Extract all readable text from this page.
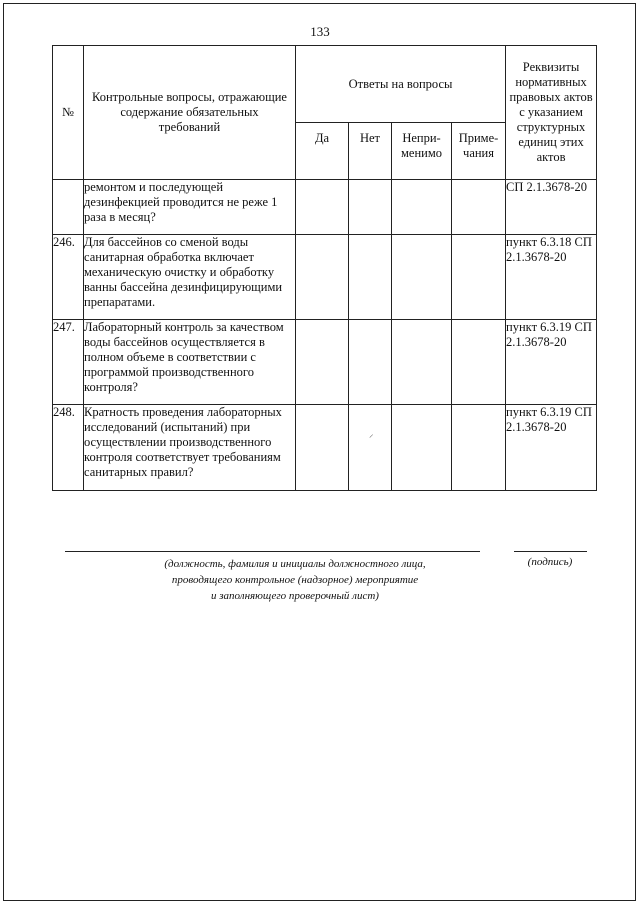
133
№	Контрольные вопросы, отражающие содержание обязательных требований	Ответы на вопросы				Реквизиты нормативных правовых актов с указанием структурных единиц этих актов
		Да	Нет	Непри-менимо	Приме-чания	
	ремонтом и последующей дезинфекцией проводится не реже 1 раза в месяц?					СП 2.1.3678-20
246.	Для бассейнов со сменой воды санитарная обработка включает механическую очистку и обработку ванны бассейна дезинфицирующими препаратами.					пункт 6.3.18 СП 2.1.3678-20
247.	Лабораторный контроль за качеством воды бассейнов осуществляется в полном объеме в соответствии с программой производственного контроля?					пункт 6.3.19 СП 2.1.3678-20
248.	Кратность проведения лабораторных исследований (испытаний) при осуществлении производственного контроля соответствует требованиям санитарных правил?		⸝			пункт 6.3.19 СП 2.1.3678-20
(должность, фамилия и инициалы должностного лица,
проводящего контрольное (надзорное) мероприятие
и заполняющего проверочный лист)
(подпись)
